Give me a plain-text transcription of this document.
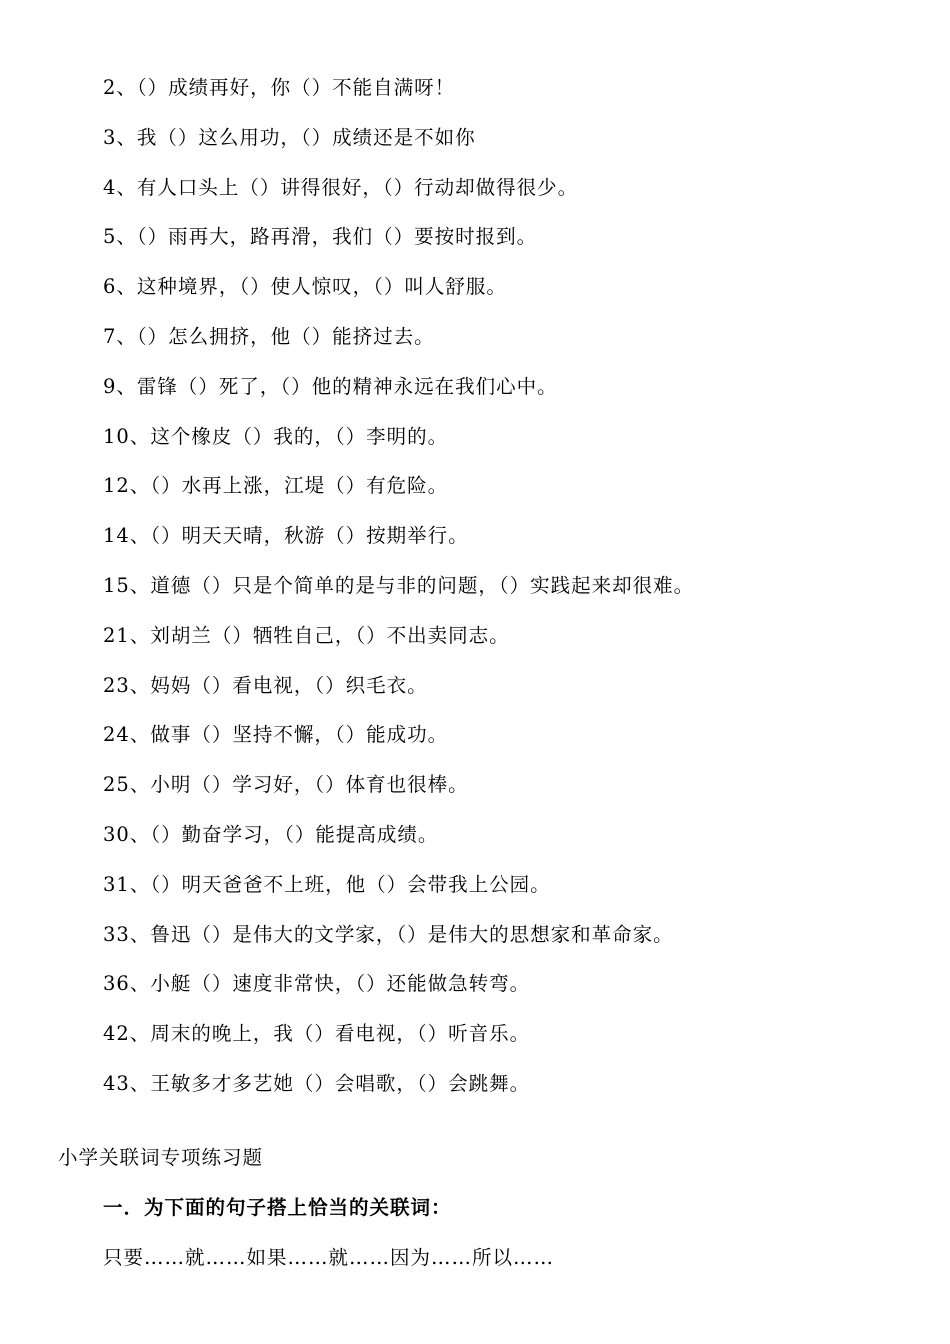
2、（）成绩再好，你（）不能自满呀！
3、我（）这么用功，（）成绩还是不如你
4、有人口头上（）讲得很好，（）行动却做得很少。
5、（）雨再大，路再滑，我们（）要按时报到。
6、这种境界，（）使人惊叹，（）叫人舒服。
7、（）怎么拥挤，他（）能挤过去。
9、雷锋（）死了，（）他的精神永远在我们心中。
10、这个橡皮（）我的，（）李明的。
12、（）水再上涨，江堤（）有危险。
14、（）明天天晴，秋游（）按期举行。
15、道德（）只是个简单的是与非的问题，（）实践起来却很难。
21、刘胡兰（）牺牲自己，（）不出卖同志。
23、妈妈（）看电视，（）织毛衣。
24、做事（）坚持不懈，（）能成功。
25、小明（）学习好，（）体育也很棒。
30、（）勤奋学习，（）能提高成绩。
31、（）明天爸爸不上班，他（）会带我上公园。
33、鲁迅（）是伟大的文学家，（）是伟大的思想家和革命家。
36、小艇（）速度非常快，（）还能做急转弯。
42、周末的晚上，我（）看电视，（）听音乐。
43、王敏多才多艺她（）会唱歌，（）会跳舞。
小学关联词专项练习题
一．为下面的句子搭上恰当的关联词：
只要……就……如果……就……因为……所以……
